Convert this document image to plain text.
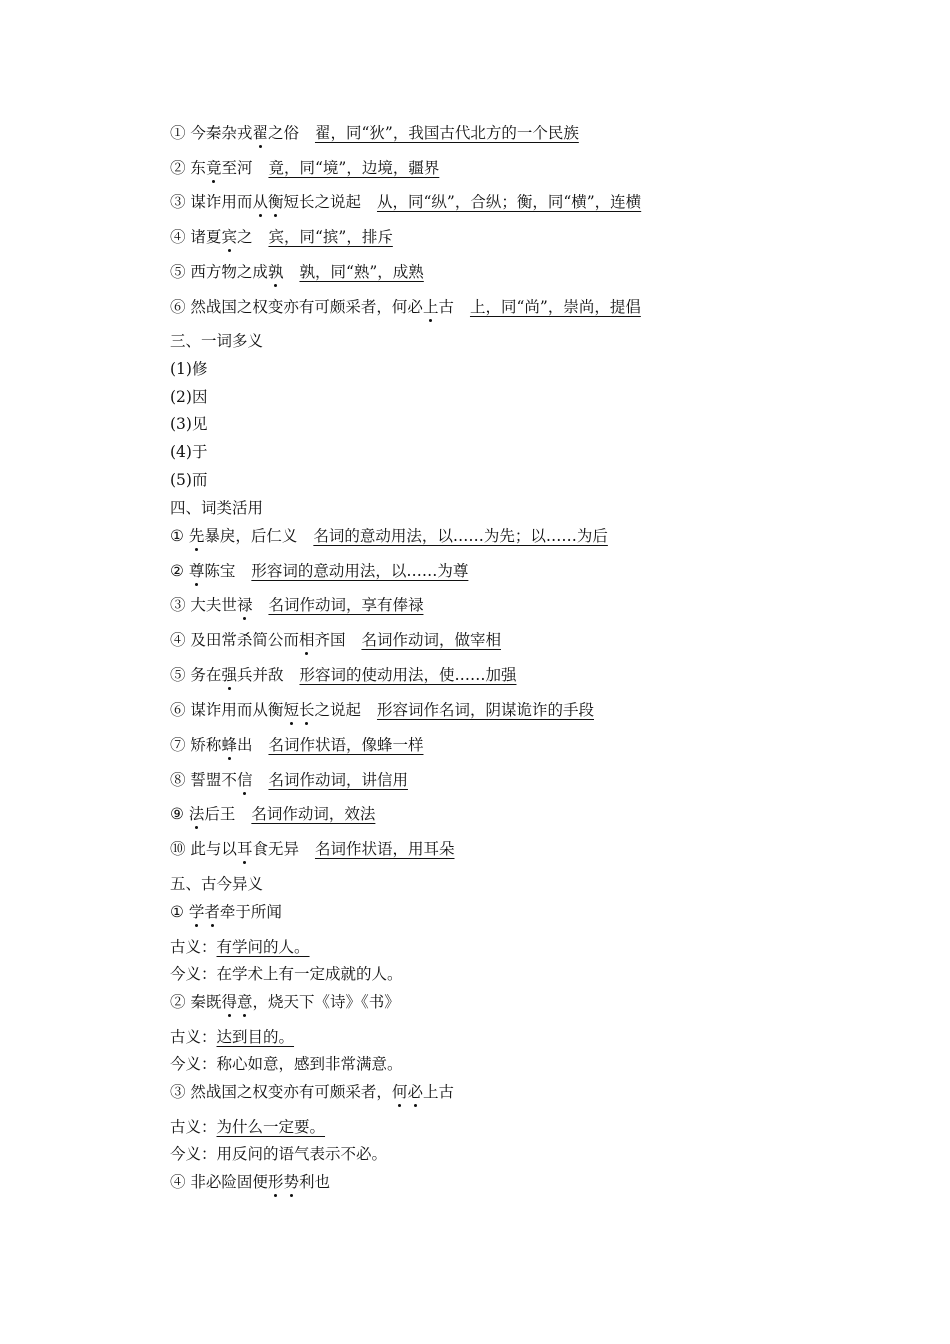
① 今秦杂戎翟之俗 翟，同“狄”，我国古代北方的一个民族
② 东竟至河 竟，同“境”，边境，疆界
③ 谋诈用而从衡短长之说起 从，同“纵”，合纵；衡，同“横”，连横
④ 诸夏宾之 宾，同“摈”，排斥
⑤ 西方物之成孰 孰，同“熟”，成熟
⑥ 然战国之权变亦有可颇采者，何必上古 上，同“尚”，崇尚，提倡
三、一词多义
(1)修
(2)因
(3)见
(4)于
(5)而
四、词类活用
① 先暴戾，后仁义 名词的意动用法，以……为先；以……为后
② 尊陈宝 形容词的意动用法，以……为尊
③ 大夫世禄 名词作动词，享有俸禄
④ 及田常杀简公而相齐国 名词作动词，做宰相
⑤ 务在强兵并敌 形容词的使动用法，使……加强
⑥ 谋诈用而从衡短长之说起 形容词作名词，阴谋诡诈的手段
⑦ 矫称蜂出 名词作状语，像蜂一样
⑧ 誓盟不信 名词作动词，讲信用
⑨ 法后王 名词作动词，效法
⑩ 此与以耳食无异 名词作状语，用耳朵
五、古今异义
① 学者牵于所闻
古义：有学问的人。
今义：在学术上有一定成就的人。
② 秦既得意，烧天下《诗》《书》
古义：达到目的。
今义：称心如意，感到非常满意。
③ 然战国之权变亦有可颇采者，何必上古
古义：为什么一定要。
今义：用反问的语气表示不必。
④ 非必险固便形势利也
